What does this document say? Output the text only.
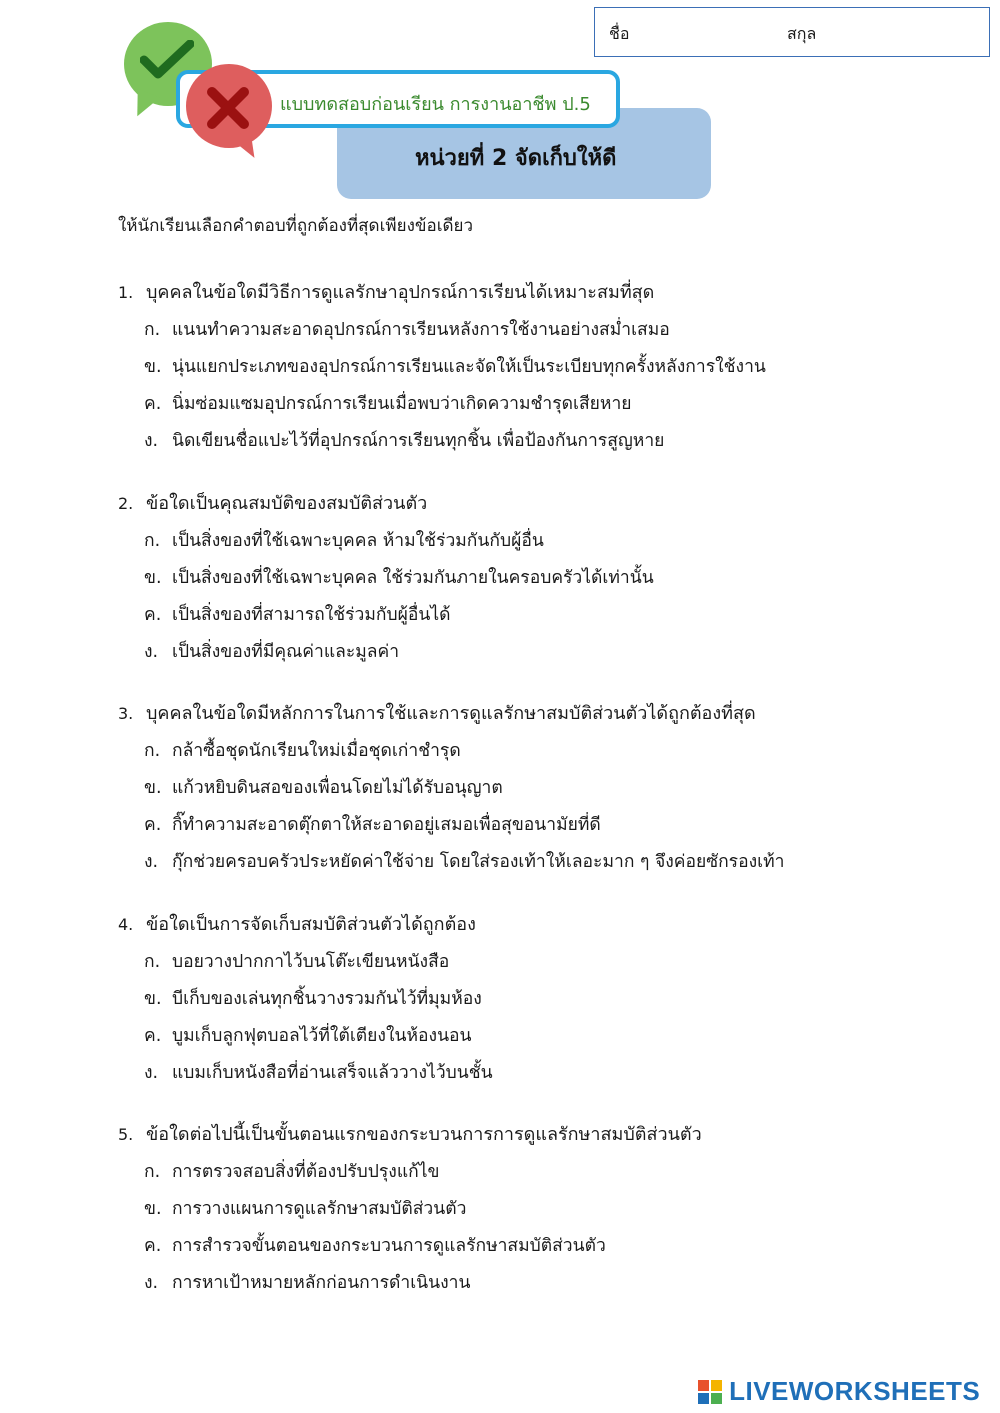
ชื่อ	สกุล
แบบทดสอบก่อนเรียน การงานอาชีพ ป.5
หน่วยที่ 2 จัดเก็บให้ดี
ให้นักเรียนเลือกคำตอบที่ถูกต้องที่สุดเพียงข้อเดียว
1. บุคคลในข้อใดมีวิธีการดูแลรักษาอุปกรณ์การเรียนได้เหมาะสมที่สุด
ก. แนนทำความสะอาดอุปกรณ์การเรียนหลังการใช้งานอย่างสม่ำเสมอ
ข. นุ่นแยกประเภทของอุปกรณ์การเรียนและจัดให้เป็นระเบียบทุกครั้งหลังการใช้งาน
ค. นิ่มซ่อมแซมอุปกรณ์การเรียนเมื่อพบว่าเกิดความชำรุดเสียหาย
ง. นิดเขียนชื่อแปะไว้ที่อุปกรณ์การเรียนทุกชิ้น เพื่อป้องกันการสูญหาย
2. ข้อใดเป็นคุณสมบัติของสมบัติส่วนตัว
ก. เป็นสิ่งของที่ใช้เฉพาะบุคคล ห้ามใช้ร่วมกันกับผู้อื่น
ข. เป็นสิ่งของที่ใช้เฉพาะบุคคล ใช้ร่วมกันภายในครอบครัวได้เท่านั้น
ค. เป็นสิ่งของที่สามารถใช้ร่วมกับผู้อื่นได้
ง. เป็นสิ่งของที่มีคุณค่าและมูลค่า
3. บุคคลในข้อใดมีหลักการในการใช้และการดูแลรักษาสมบัติส่วนตัวได้ถูกต้องที่สุด
ก. กล้าซื้อชุดนักเรียนใหม่เมื่อชุดเก่าชำรุด
ข. แก้วหยิบดินสอของเพื่อนโดยไม่ได้รับอนุญาต
ค. กิ๊ทำความสะอาดตุ๊กตาให้สะอาดอยู่เสมอเพื่อสุขอนามัยที่ดี
ง. กุ๊กช่วยครอบครัวประหยัดค่าใช้จ่าย โดยใส่รองเท้าให้เลอะมาก ๆ จึงค่อยซักรองเท้า
4. ข้อใดเป็นการจัดเก็บสมบัติส่วนตัวได้ถูกต้อง
ก. บอยวางปากกาไว้บนโต๊ะเขียนหนังสือ
ข. บีเก็บของเล่นทุกชิ้นวางรวมกันไว้ที่มุมห้อง
ค. บูมเก็บลูกฟุตบอลไว้ที่ใต้เตียงในห้องนอน
ง. แบมเก็บหนังสือที่อ่านเสร็จแล้ววางไว้บนชั้น
5. ข้อใดต่อไปนี้เป็นขั้นตอนแรกของกระบวนการการดูแลรักษาสมบัติส่วนตัว
ก. การตรวจสอบสิ่งที่ต้องปรับปรุงแก้ไข
ข. การวางแผนการดูแลรักษาสมบัติส่วนตัว
ค. การสำรวจขั้นตอนของกระบวนการดูแลรักษาสมบัติส่วนตัว
ง. การหาเป้าหมายหลักก่อนการดำเนินงาน
LIVEWORKSHEETS
